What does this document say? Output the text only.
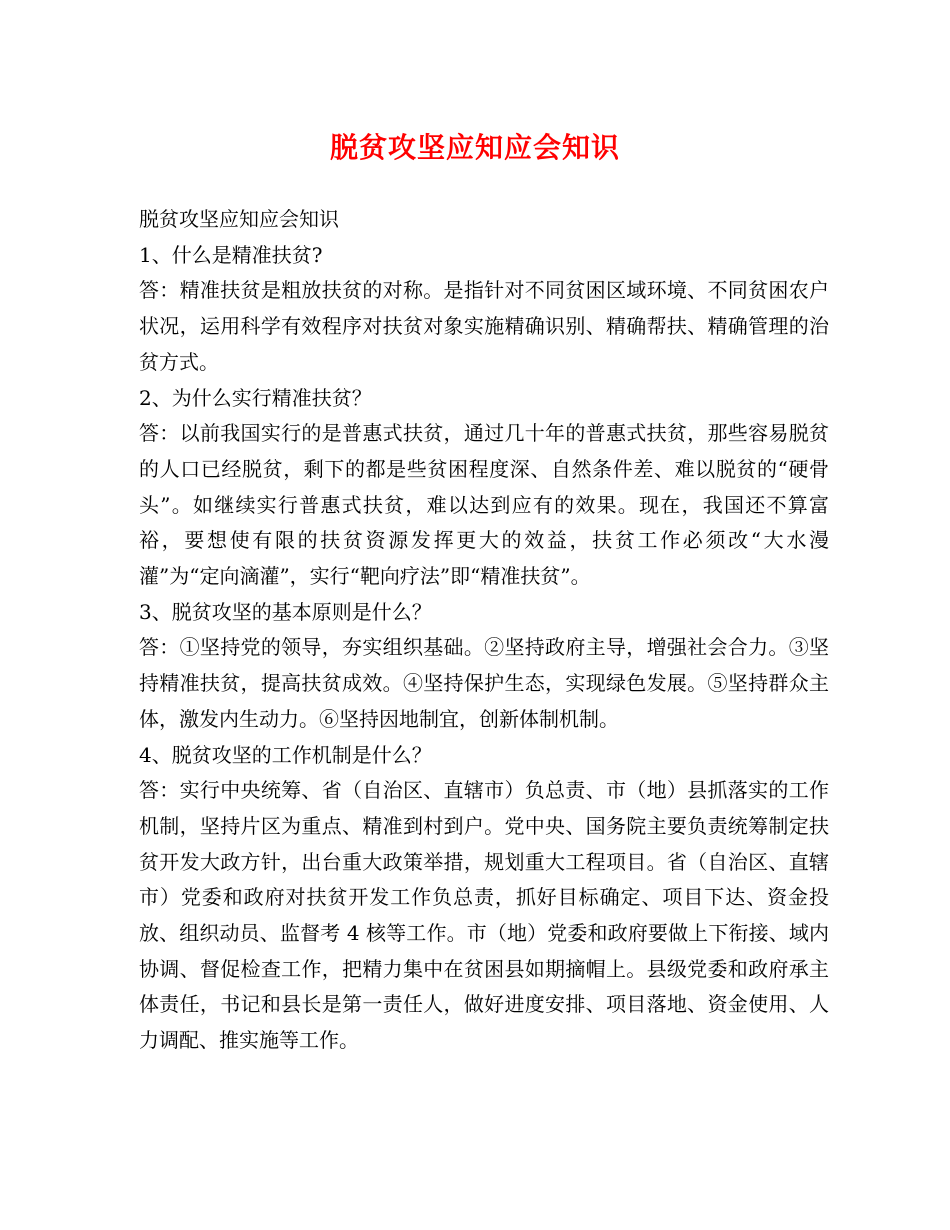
脱贫攻坚应知应会知识

脱贫攻坚应知应会知识

1、什么是精准扶贫?

答：精准扶贫是粗放扶贫的对称。是指针对不同贫困区域环境、不同贫困农户状况，运用科学有效程序对扶贫对象实施精确识别、精确帮扶、精确管理的治贫方式。

2、为什么实行精准扶贫？

答：以前我国实行的是普惠式扶贫，通过几十年的普惠式扶贫，那些容易脱贫的人口已经脱贫，剩下的都是些贫困程度深、自然条件差、难以脱贫的“硬骨头”。如继续实行普惠式扶贫，难以达到应有的效果。现在，我国还不算富裕，要想使有限的扶贫资源发挥更大的效益，扶贫工作必须改“大水漫灌”为“定向滴灌”，实行“靶向疗法”即“精准扶贫”。

3、脱贫攻坚的基本原则是什么？

答：①坚持党的领导，夯实组织基础。②坚持政府主导，增强社会合力。③坚持精准扶贫，提高扶贫成效。④坚持保护生态，实现绿色发展。⑤坚持群众主体，激发内生动力。⑥坚持因地制宜，创新体制机制。

4、脱贫攻坚的工作机制是什么？

答：实行中央统筹、省（自治区、直辖市）负总责、市（地）县抓落实的工作机制，坚持片区为重点、精准到村到户。党中央、国务院主要负责统筹制定扶贫开发大政方针，出台重大政策举措，规划重大工程项目。省（自治区、直辖市）党委和政府对扶贫开发工作负总责，抓好目标确定、项目下达、资金投放、组织动员、监督考 4 核等工作。市（地）党委和政府要做上下衔接、域内协调、督促检查工作，把精力集中在贫困县如期摘帽上。县级党委和政府承主体责任，书记和县长是第一责任人，做好进度安排、项目落地、资金使用、人力调配、推实施等工作。
